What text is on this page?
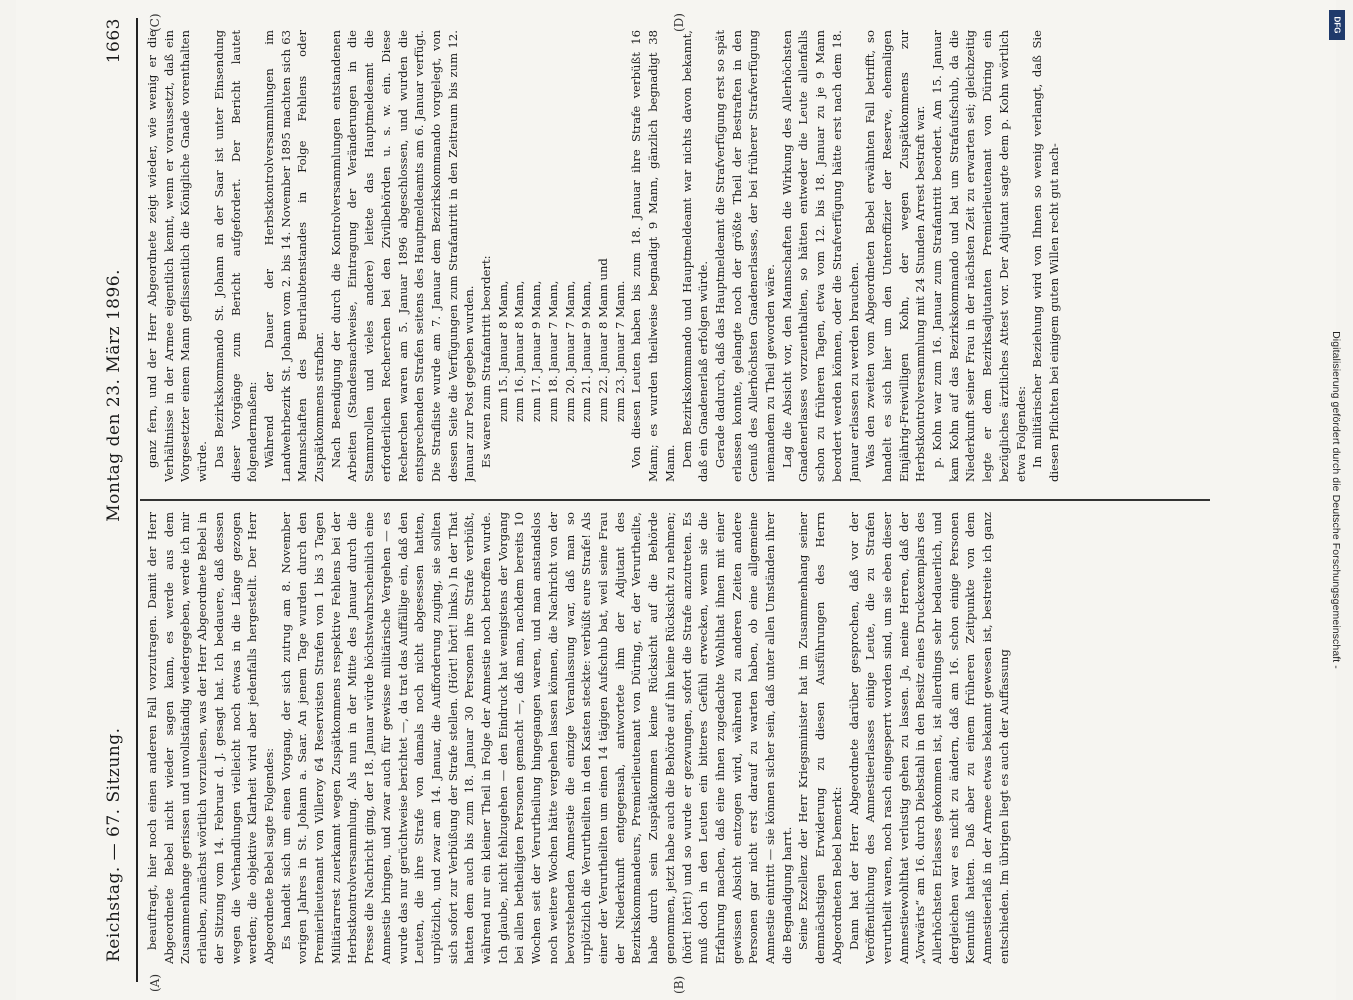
Reichstag. — 67. Sitzung.
Montag den 23. März 1896.
1663
(A)	(B)
(C)	(D)

beauftragt, hier noch einen anderen Fall vorzutragen. Damit der Herr Abgeordnete Bebel nicht wieder sagen kann, es werde aus dem Zusammenhange gerissen und unvollständig wiedergegeben, werde ich mir erlauben, zunächst wörtlich vorzulesen, was der Herr Abgeordnete Bebel in der Sitzung vom 14. Februar d. J. gesagt hat. Ich bedauere, daß dessen wegen die Verhandlungen vielleicht noch etwas in die Länge gezogen werden; die objektive Klarheit wird aber jedenfalls hergestellt. Der Herr Abgeordnete Bebel sagte Folgendes: Es handelt sich um einen Vorgang, der sich zutrug am 8. November vorigen Jahres in St. Johann a. Saar. An jenem Tage wurden durch den Premierlieutenant von Villeroy 64 Reservisten Strafen von 1 bis 3 Tagen Militärarrest zuerkannt wegen Zuspätkommens respektive Fehlens bei der Herbstkontrolversammlung. Als nun in der Mitte des Januar durch die Presse die Nachricht ging, der 18. Januar würde höchstwahrscheinlich eine Amnestie bringen, und zwar auch für gewisse militärische Vergehen — es wurde das nur gerüchtweise berichtet —, da trat das Auffällige ein, daß den Leuten, die ihre Strafe von damals noch nicht abgesessen hatten, urplötzlich, und zwar am 14. Januar, die Aufforderung zuging, sie sollten sich sofort zur Verbüßung der Strafe stellen. (Hört! hört! links.) In der That hatten dem auch bis zum 18. Januar 30 Personen ihre Strafe verbüßt, während nur ein kleiner Theil in Folge der Amnestie noch betroffen wurde. Ich glaube, nicht fehlzugehen — den Eindruck hat wenigstens der Vorgang bei allen betheiligten Personen gemacht —, daß man, nachdem bereits 10 Wochen seit der Verurtheilung hingegangen waren, und man anstandslos noch weitere Wochen hätte vergehen lassen können, die Nachricht von der bevorstehenden Amnestie die einzige Veranlassung war, daß man so urplötzlich die Verurtheilten in den Kasten steckte: verbüßt eure Strafe! Als einer der Verurtheilten um einen 14 tägigen Aufschub bat, weil seine Frau der Niederkunft entgegensah, antwortete ihm der Adjutant des Bezirkskommandeurs, Premierlieutenant von Düring, er, der Verurtheilte, habe durch sein Zuspätkommen keine Rücksicht auf die Behörde genommen, jetzt habe auch die Behörde auf ihn keine Rücksicht zu nehmen; (hört! hört!) und so wurde er gezwungen, sofort die Strafe anzutreten. Es muß doch in den Leuten ein bitteres Gefühl erwecken, wenn sie die Erfahrung machen, daß eine ihnen zugedachte Wohlthat ihnen mit einer gewissen Absicht entzogen wird, während zu anderen Zeiten andere Personen gar nicht erst darauf zu warten haben, ob eine allgemeine Amnestie eintritt — sie können sicher sein, daß unter allen Umständen ihrer die Begnadigung harrt. Seine Exzellenz der Herr Kriegsminister hat im Zusammenhang seiner demnächstigen Erwiderung zu diesen Ausführungen des Herrn Abgeordneten Bebel bemerkt: Dann hat der Herr Abgeordnete darüber gesprochen, daß vor der Veröffentlichung des Amnestieerlasses einige Leute, die zu Strafen verurtheilt waren, noch rasch eingesperrt worden sind, um sie eben dieser Amnestiewohlthat verlustig gehen zu lassen. Ja, meine Herren, daß der „Vorwärts“ am 16. durch Diebstahl in den Besitz eines Druckexemplars des Allerhöchsten Erlasses gekommen ist, ist allerdings sehr bedauerlich, und dergleichen war es nicht zu ändern, daß am 16. schon einige Personen Kenntniß hatten. Daß aber zu einem früheren Zeitpunkte von dem Amnestieerlaß in der Armee etwas bekannt gewesen ist, bestreite ich ganz entschieden. Im übrigen liegt es auch der Auffassung

ganz fern, und der Herr Abgeordnete zeigt wieder, wie wenig er die Verhältnisse in der Armee eigentlich kennt, wenn er voraussetzt, daß ein Vorgesetzter einem Mann geflissentlich die Königliche Gnade vorenthalten würde. Das Bezirkskommando St. Johann an der Saar ist unter Einsendung dieser Vorgänge zum Bericht aufgefordert. Der Bericht lautet folgendermaßen: Während der Dauer der Herbstkontrolversammlungen im Landwehrbezirk St. Johann vom 2. bis 14. November 1895 machten sich 63 Mannschaften des Beurlaubtenstandes in Folge Fehlens oder Zuspätkommens strafbar. Nach Beendigung der durch die Kontrolversammlungen entstandenen Arbeiten (Standesnachweise, Eintragung der Veränderungen in die Stammrollen und vieles andere) leitete das Hauptmeldeamt die erforderlichen Recherchen bei den Zivilbehörden u. s. w. ein. Diese Recherchen waren am 5. Januar 1896 abgeschlossen, und wurden die entsprechenden Strafen seitens des Hauptmeldeamts am 6. Januar verfügt. Die Strafliste wurde am 7. Januar dem Bezirkskommando vorgelegt, von dessen Seite die Verfügungen zum Strafantritt in den Zeitraum bis zum 12. Januar zur Post gegeben wurden. Es waren zum Strafantritt beordert: zum 15. Januar 8 Mann, zum 16. Januar 8 Mann, zum 17. Januar 9 Mann, zum 18. Januar 7 Mann, zum 20. Januar 7 Mann, zum 21. Januar 9 Mann, zum 22. Januar 8 Mann und zum 23. Januar 7 Mann. Von diesen Leuten haben bis zum 18. Januar ihre Strafe verbüßt 16 Mann; es wurden theilweise begnadigt 9 Mann, gänzlich begnadigt 38 Mann. Dem Bezirkskommando und Hauptmeldeamt war nichts davon bekannt, daß ein Gnadenerlaß erfolgen würde. Gerade dadurch, daß das Hauptmeldeamt die Strafverfügung erst so spät erlassen konnte, gelangte noch der größte Theil der Bestraften in den Genuß des Allerhöchsten Gnadenerlasses, der bei früherer Strafverfügung niemandem zu Theil geworden wäre. Lag die Absicht vor, den Mannschaften die Wirkung des Allerhöchsten Gnadenerlasses vorzuenthalten, so hätten entweder die Leute allenfalls schon zu früheren Tagen, etwa vom 12. bis 18. Januar zu je 9 Mann beordert werden können, oder die Strafverfügung hätte erst nach dem 18. Januar erlassen zu werden brauchen. Was den zweiten vom Abgeordneten Bebel erwähnten Fall betrifft, so handelt es sich hier um den Unteroffizier der Reserve, ehemaligen Einjährig-Freiwilligen Kohn, der wegen Zuspätkommens zur Herbstkontrolversammlung mit 24 Stunden Arrest bestraft war. p. Kohn war zum 16. Januar zum Strafantritt beordert. Am 15. Januar kam Kohn auf das Bezirkskommando und bat um Strafaufschub, da die Niederkunft seiner Frau in der nächsten Zeit zu erwarten sei; gleichzeitig legte er dem Bezirksadjutanten Premierlieutenant von Düring ein bezügliches ärztliches Attest vor. Der Adjutant sagte dem p. Kohn wörtlich etwa Folgendes: In militärischer Beziehung wird von Ihnen so wenig verlangt, daß Sie diesen Pflichten bei einigem guten Willen recht gut nach-

Digitalisierung gefördert durch die Deutsche Forschungsgemeinschaft -
DFG
